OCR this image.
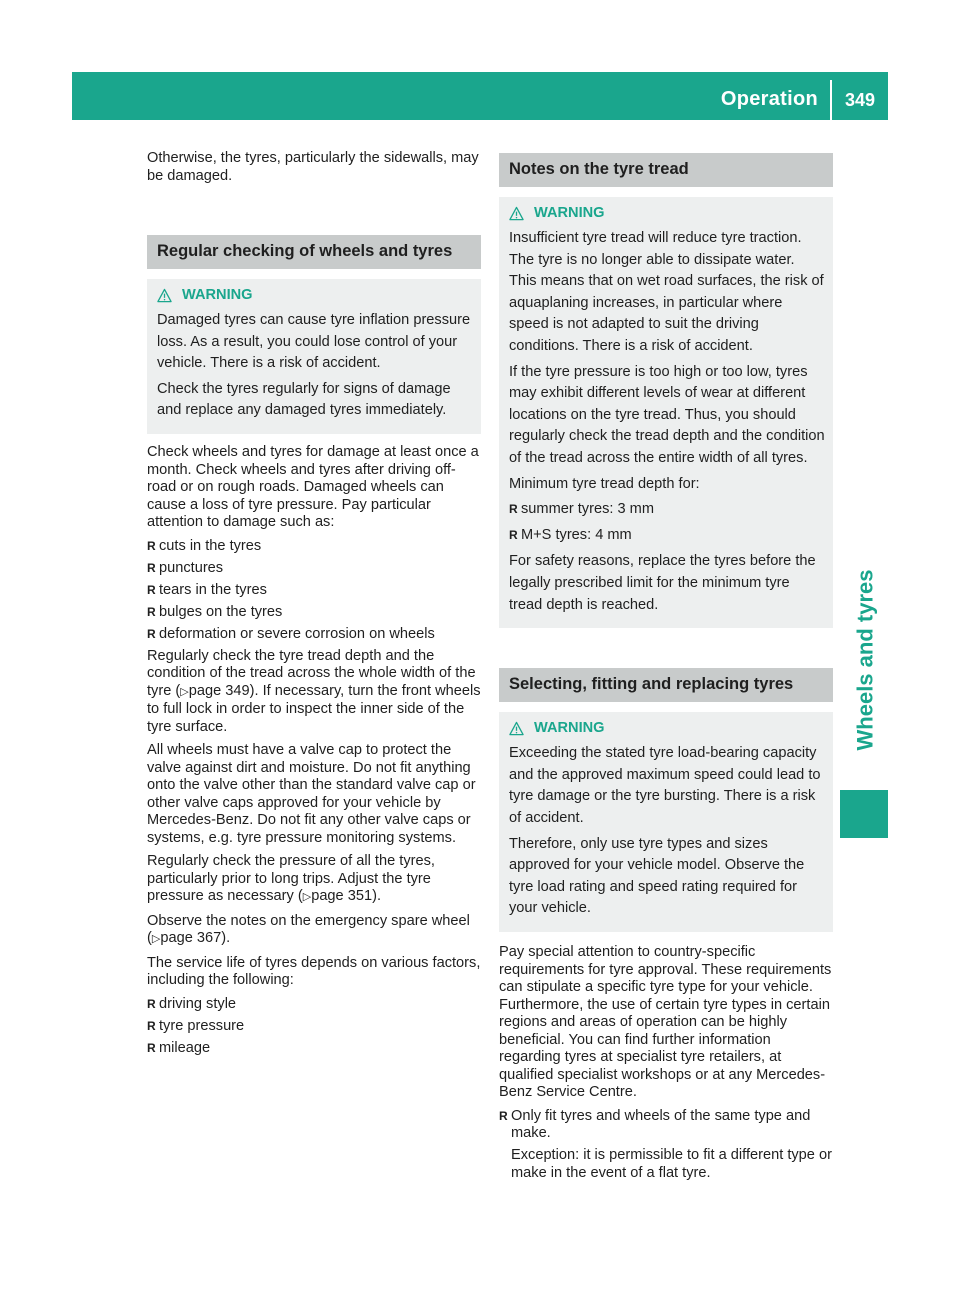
Operation	349
Wheels and tyres

Otherwise, the tyres, particularly the sidewalls, may be damaged.

Regular checking of wheels and tyres
WARNING

Damaged tyres can cause tyre inflation pressure loss. As a result, you could lose control of your vehicle. There is a risk of accident.

Check the tyres regularly for signs of damage and replace any damaged tyres immediately.

Check wheels and tyres for damage at least once a month. Check wheels and tyres after driving off-road or on rough roads. Damaged wheels can cause a loss of tyre pressure. Pay particular attention to damage such as:

R cuts in the tyres
R punctures
R tears in the tyres
R bulges on the tyres
R deformation or severe corrosion on wheels

Regularly check the tyre tread depth and the condition of the tread across the whole width of the tyre (▷page 349). If necessary, turn the front wheels to full lock in order to inspect the inner side of the tyre surface.

All wheels must have a valve cap to protect the valve against dirt and moisture. Do not fit anything onto the valve other than the standard valve cap or other valve caps approved for your vehicle by Mercedes-Benz. Do not fit any other valve caps or systems, e.g. tyre pressure monitoring systems.

Regularly check the pressure of all the tyres, particularly prior to long trips. Adjust the tyre pressure as necessary (▷page 351).

Observe the notes on the emergency spare wheel (▷page 367).

The service life of tyres depends on various factors, including the following:

R driving style
R tyre pressure
R mileage
Notes on the tyre tread
WARNING

Insufficient tyre tread will reduce tyre traction. The tyre is no longer able to dissipate water. This means that on wet road surfaces, the risk of aquaplaning increases, in particular where speed is not adapted to suit the driving conditions. There is a risk of accident.

If the tyre pressure is too high or too low, tyres may exhibit different levels of wear at different locations on the tyre tread. Thus, you should regularly check the tread depth and the condition of the tread across the entire width of all tyres.

Minimum tyre tread depth for:

R summer tyres: 3 mm
R M+S tyres: 4 mm

For safety reasons, replace the tyres before the legally prescribed limit for the minimum tyre tread depth is reached.

Selecting, fitting and replacing tyres
WARNING

Exceeding the stated tyre load-bearing capacity and the approved maximum speed could lead to tyre damage or the tyre bursting. There is a risk of accident.

Therefore, only use tyre types and sizes approved for your vehicle model. Observe the tyre load rating and speed rating required for your vehicle.

Pay special attention to country-specific requirements for tyre approval. These requirements can stipulate a specific tyre type for your vehicle. Furthermore, the use of certain tyre types in certain regions and areas of operation can be highly beneficial. You can find further information regarding tyres at specialist tyre retailers, at qualified specialist workshops or at any Mercedes-Benz Service Centre.

R Only fit tyres and wheels of the same type and make.

Exception: it is permissible to fit a different type or make in the event of a flat tyre.
